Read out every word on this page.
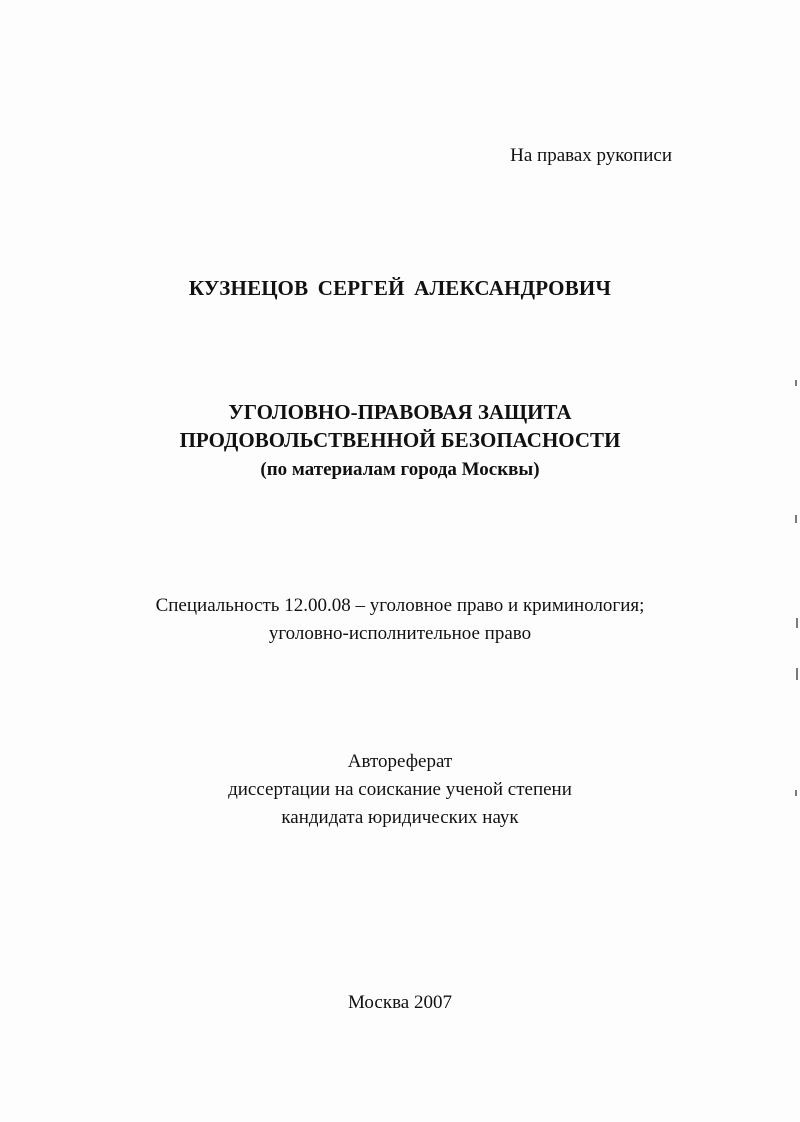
На правах рукописи
КУЗНЕЦОВ СЕРГЕЙ АЛЕКСАНДРОВИЧ
УГОЛОВНО-ПРАВОВАЯ ЗАЩИТА
ПРОДОВОЛЬСТВЕННОЙ БЕЗОПАСНОСТИ
(по материалам города Москвы)
Специальность 12.00.08 – уголовное право и криминология;
уголовно-исполнительное право
Автореферат
диссертации на соискание ученой степени
кандидата юридических наук
Москва 2007
